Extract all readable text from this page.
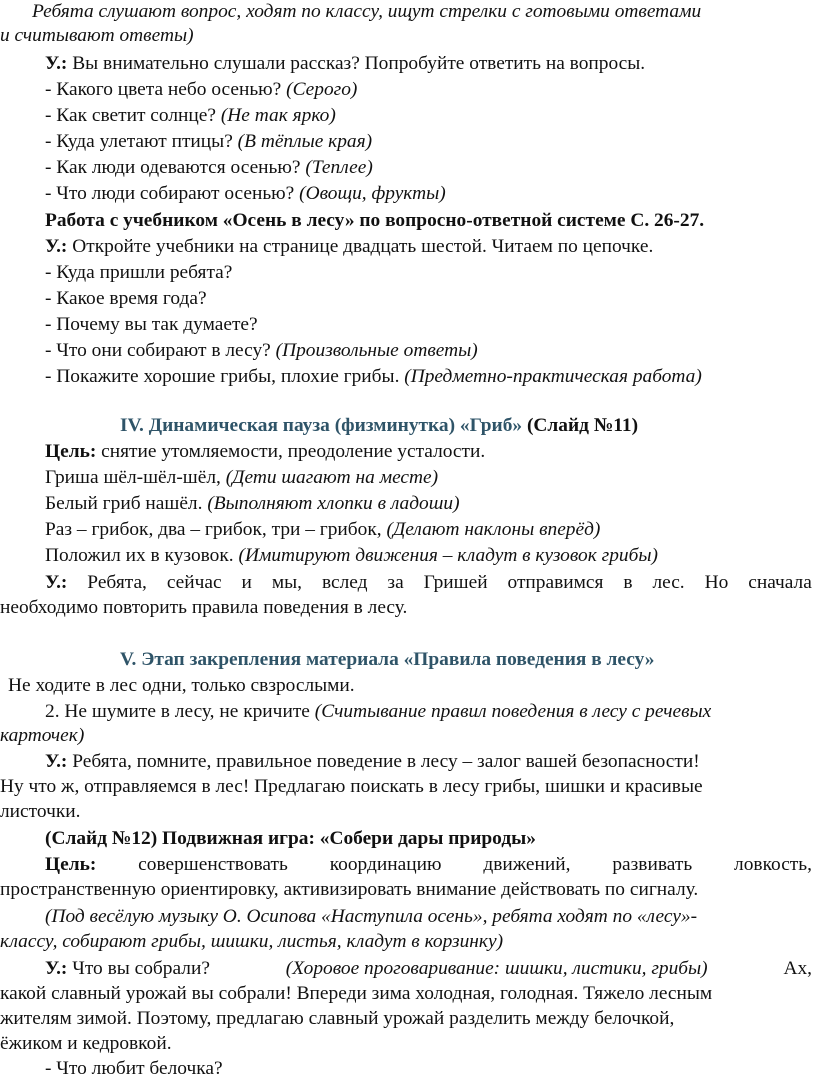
Ребята слушают вопрос, ходят по классу, ищут стрелки с готовыми ответами
и считывают ответы)
У.: Вы внимательно слушали рассказ? Попробуйте ответить на вопросы.
- Какого цвета небо осенью? (Серого)
- Как светит солнце? (Не так ярко)
- Куда улетают птицы? (В тёплые края)
- Как люди одеваются осенью? (Теплее)
- Что люди собирают осенью? (Овощи, фрукты)
Работа с учебником «Осень в лесу» по вопросно-ответной системе С. 26-27.
У.: Откройте учебники на странице двадцать шестой. Читаем по цепочке.
- Куда пришли ребята?
- Какое время года?
- Почему вы так думаете?
- Что они собирают в лесу? (Произвольные ответы)
- Покажите хорошие грибы, плохие грибы. (Предметно-практическая работа)
IV. Динамическая пауза (физминутка) «Гриб» (Слайд №11)
Цель: снятие утомляемости, преодоление усталости.
Гриша шёл-шёл-шёл, (Дети шагают на месте)
Белый гриб нашёл. (Выполняют хлопки в ладоши)
Раз – грибок, два – грибок, три – грибок, (Делают наклоны вперёд)
Положил их в кузовок. (Имитируют движения – кладут в кузовок грибы)
У.: Ребята, сейчас и мы, вслед за Гришей отправимся в лес. Но сначала
необходимо повторить правила поведения в лесу.
V. Этап закрепления материала «Правила поведения в лесу»
Не ходите в лес одни, только свзрослыми.
2. Не шумите в лесу, не кричите (Считывание правил поведения в лесу с речевых
карточек)
У.: Ребята, помните, правильное поведение в лесу – залог вашей безопасности!
Ну что ж, отправляемся в лес! Предлагаю поискать в лесу грибы, шишки и красивые
листочки.
(Слайд №12) Подвижная игра: «Собери дары природы»
Цель: совершенствовать координацию движений, развивать ловкость,
пространственную ориентировку, активизировать внимание действовать по сигналу.
(Под весёлую музыку О. Осипова «Наступила осень», ребята ходят по «лесу»-
классу, собирают грибы, шишки, листья, кладут в корзинку)
У.: Что вы собрали?	(Хоровое проговаривание: шишки, листики, грибы)	Ах,
какой славный урожай вы собрали! Впереди зима холодная, голодная. Тяжело лесным
жителям зимой. Поэтому, предлагаю славный урожай разделить между белочкой,
ёжиком и кедровкой.
- Что любит белочка?
